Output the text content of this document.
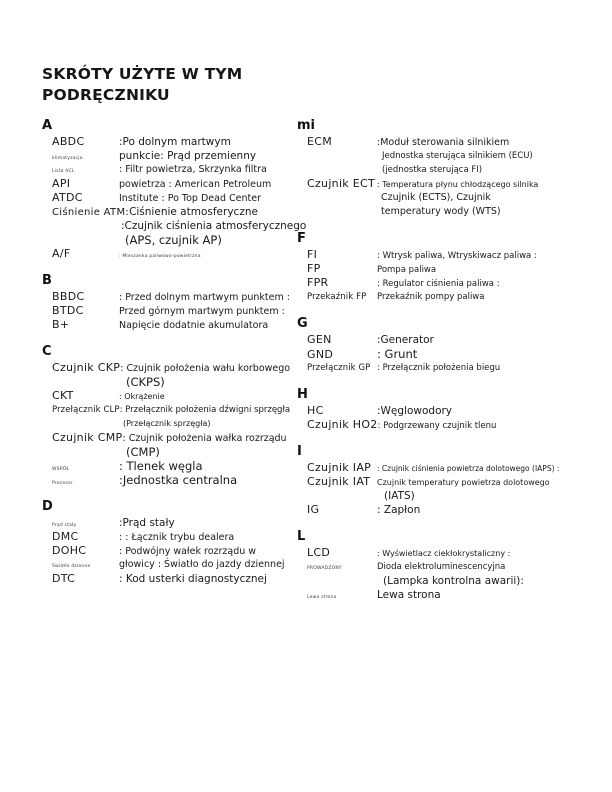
SKRÓTY UŻYTE W TYM
PODRĘCZNIKU
A
ABDC	:Po dolnym martwym
klimatyzacja	punkcie: Prąd przemienny
Lista ACL	: Filtr powietrza, Skrzynka filtra
API	powietrza : American Petroleum
ATDC	Institute : Po Top Dead Center
Ciśnienie ATM: Ciśnienie atmosferyczne
:Czujnik ciśnienia atmosferycznego
(APS, czujnik AP)
A/F	: Mieszanka paliwowo-powietrzna
B
BBDC	: Przed dolnym martwym punktem :
BTDC	Przed górnym martwym punktem :
B+	Napięcie dodatnie akumulatora
C
Czujnik CKP : Czujnik położenia wału korbowego
(CKPS)
CKT	: Okrążenie
Przełącznik CLP : Przełącznik położenia dźwigni sprzęgła
(Przełącznik sprzęgła)
Czujnik CMP : Czujnik położenia wałka rozrządu
(CMP)
WSPÓŁ	: Tlenek węgla
Procesor	:Jednostka centralna
D
Prąd stały	:Prąd stały
DMC	: : Łącznik trybu dealera
DOHC	: Podwójny wałek rozrządu w
Światło dzienne	głowicy : Światło do jazdy dziennej
DTC	: Kod usterki diagnostycznej
mi
ECM	:Moduł sterowania silnikiem
Jednostka sterująca silnikiem (ECU)
(jednostka sterująca FI)
Czujnik ECT : Temperatura płynu chłodzącego silnika
Czujnik (ECTS), Czujnik
temperatury wody (WTS)
F
FI	: Wtrysk paliwa, Wtryskiwacz paliwa :
FP	Pompa paliwa
FPR	: Regulator ciśnienia paliwa :
Przekaźnik FP	Przekaźnik pompy paliwa
G
GEN	:Generator
GND	: Grunt
Przełącznik GP : Przełącznik położenia biegu
H
HC	:Węglowodory
Czujnik HO2 : Podgrzewany czujnik tlenu
I
Czujnik IAP : Czujnik ciśnienia powietrza dolotowego (IAPS) :
Czujnik IAT Czujnik temperatury powietrza dolotowego
(IATS)
IG	: Zapłon
L
LCD	: Wyświetlacz ciekłokrystaliczny :
PROWADZONY	Dioda elektroluminescencyjna
(Lampka kontrolna awarii):
Lewa strona	Lewa strona
